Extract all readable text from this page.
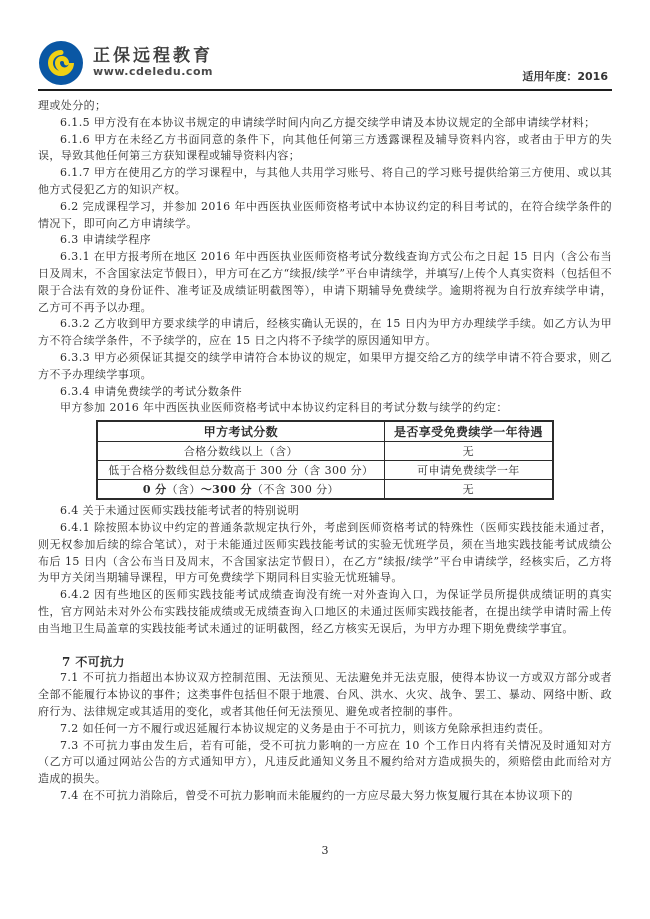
正保远程教育
www.cdeledu.com	适用年度：2016

理或处分的；

6.1.5 甲方没有在本协议书规定的申请续学时间内向乙方提交续学申请及本协议规定的全部申请续学材料；

6.1.6 甲方在未经乙方书面同意的条件下，向其他任何第三方透露课程及辅导资料内容，或者由于甲方的失误，导致其他任何第三方获知课程或辅导资料内容；

6.1.7 甲方在使用乙方的学习课程中，与其他人共用学习账号、将自己的学习账号提供给第三方使用、或以其他方式侵犯乙方的知识产权。

6.2 完成课程学习，并参加 2016 年中西医执业医师资格考试中本协议约定的科目考试的，在符合续学条件的情况下，即可向乙方申请续学。

6.3 申请续学程序

6.3.1 在甲方报考所在地区 2016 年中西医执业医师资格考试分数线查询方式公布之日起 15 日内（含公布当日及周末，不含国家法定节假日），甲方可在乙方“续报/续学”平台申请续学，并填写/上传个人真实资料（包括但不限于合法有效的身份证件、准考证及成绩证明截图等），申请下期辅导免费续学。逾期将视为自行放弃续学申请，乙方可不再予以办理。

6.3.2 乙方收到甲方要求续学的申请后，经核实确认无误的，在 15 日内为甲方办理续学手续。如乙方认为甲方不符合续学条件，不予续学的，应在 15 日之内将不予续学的原因通知甲方。

6.3.3 甲方必须保证其提交的续学申请符合本协议的规定，如果甲方提交给乙方的续学申请不符合要求，则乙方不予办理续学事项。

6.3.4 申请免费续学的考试分数条件

甲方参加 2016 年中西医执业医师资格考试中本协议约定科目的考试分数与续学的约定：

甲方考试分数	是否享受免费续学一年待遇
合格分数线以上（含）	无
低于合格分数线但总分数高于 300 分（含 300 分）	可申请免费续学一年
0 分（含）～300 分（不含 300 分）	无

6.4 关于未通过医师实践技能考试者的特别说明

6.4.1 除按照本协议中约定的普通条款规定执行外，考虑到医师资格考试的特殊性（医师实践技能未通过者，则无权参加后续的综合笔试），对于未能通过医师实践技能考试的实验无忧班学员，须在当地实践技能考试成绩公布后 15 日内（含公布当日及周末，不含国家法定节假日），在乙方“续报/续学”平台申请续学，经核实后，乙方将为甲方关闭当期辅导课程，甲方可免费续学下期同科目实验无忧班辅导。

6.4.2 因有些地区的医师实践技能考试成绩查询没有统一对外查询入口，为保证学员所提供成绩证明的真实性，官方网站未对外公布实践技能成绩或无成绩查询入口地区的未通过医师实践技能者，在提出续学申请时需上传由当地卫生局盖章的实践技能考试未通过的证明截图，经乙方核实无误后，为甲方办理下期免费续学事宜。

7 不可抗力

7.1 不可抗力指超出本协议双方控制范围、无法预见、无法避免并无法克服，使得本协议一方或双方部分或者全部不能履行本协议的事件；这类事件包括但不限于地震、台风、洪水、火灾、战争、罢工、暴动、网络中断、政府行为、法律规定或其适用的变化，或者其他任何无法预见、避免或者控制的事件。

7.2 如任何一方不履行或迟延履行本协议规定的义务是由于不可抗力，则该方免除承担违约责任。

7.3 不可抗力事由发生后，若有可能，受不可抗力影响的一方应在 10 个工作日内将有关情况及时通知对方（乙方可以通过网站公告的方式通知甲方），凡违反此通知义务且不履约给对方造成损失的，须赔偿由此而给对方造成的损失。

7.4 在不可抗力消除后，曾受不可抗力影响而未能履约的一方应尽最大努力恢复履行其在本协议项下的

3
